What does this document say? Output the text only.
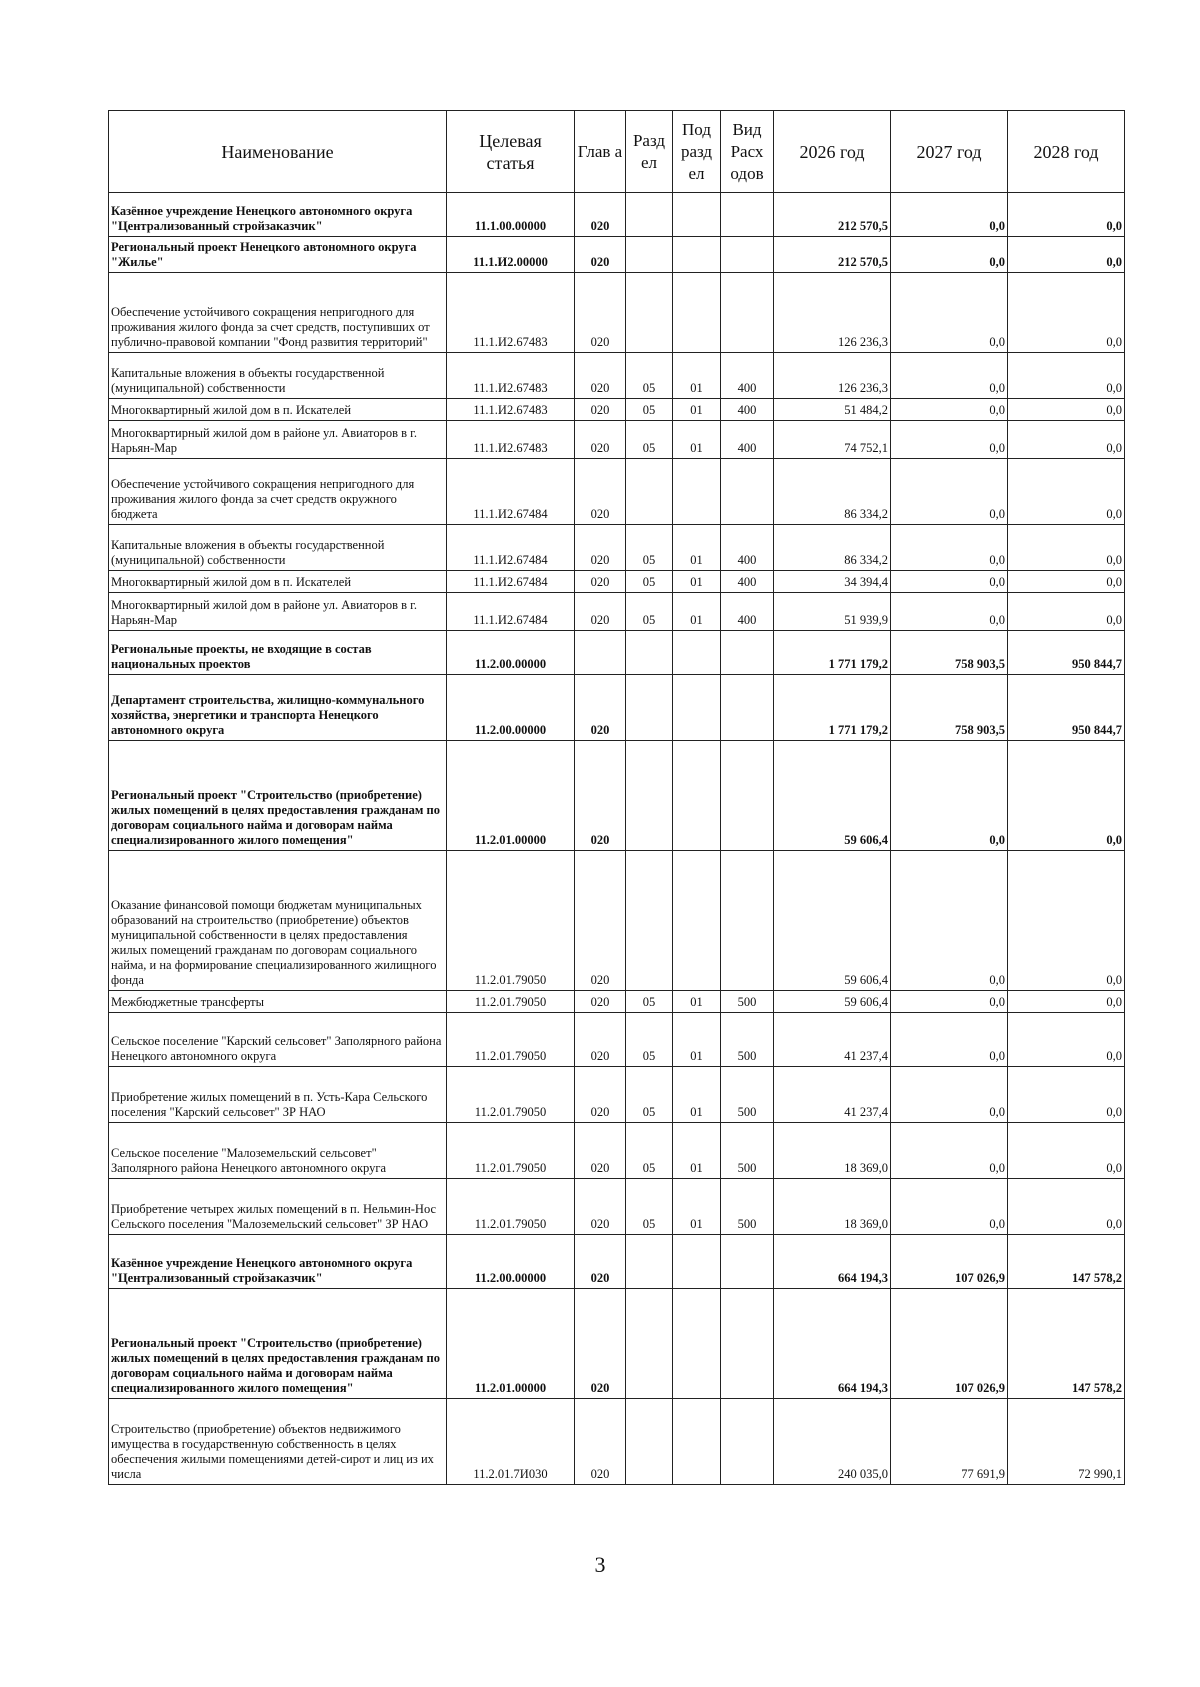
Наименование	Целевая статья	Глав а	Разд ел	Под разд ел	Вид Расх одов	2026 год	2027 год	2028 год
Казённое учреждение Ненецкого автономного округа "Централизованный стройзаказчик"	11.1.00.00000	020				212 570,5	0,0	0,0
Региональный проект Ненецкого автономного округа "Жилье"	11.1.И2.00000	020				212 570,5	0,0	0,0
Обеспечение устойчивого сокращения непригодного для проживания жилого фонда за счет средств, поступивших от публично-правовой компании "Фонд развития территорий"	11.1.И2.67483	020				126 236,3	0,0	0,0
Капитальные вложения в объекты государственной (муниципальной) собственности	11.1.И2.67483	020	05	01	400	126 236,3	0,0	0,0
Многоквартирный жилой дом в п. Искателей	11.1.И2.67483	020	05	01	400	51 484,2	0,0	0,0
Многоквартирный жилой дом в районе ул. Авиаторов в г. Нарьян-Мар	11.1.И2.67483	020	05	01	400	74 752,1	0,0	0,0
Обеспечение устойчивого сокращения непригодного для проживания жилого фонда за счет средств окружного бюджета	11.1.И2.67484	020				86 334,2	0,0	0,0
Капитальные вложения в объекты государственной (муниципальной) собственности	11.1.И2.67484	020	05	01	400	86 334,2	0,0	0,0
Многоквартирный жилой дом в п. Искателей	11.1.И2.67484	020	05	01	400	34 394,4	0,0	0,0
Многоквартирный жилой дом в районе ул. Авиаторов в г. Нарьян-Мар	11.1.И2.67484	020	05	01	400	51 939,9	0,0	0,0
Региональные проекты, не входящие в состав национальных проектов	11.2.00.00000					1 771 179,2	758 903,5	950 844,7
Департамент строительства, жилищно-коммунального хозяйства, энергетики и транспорта Ненецкого автономного округа	11.2.00.00000	020				1 771 179,2	758 903,5	950 844,7
Региональный проект "Строительство (приобретение) жилых помещений в целях предоставления гражданам по договорам социального найма и договорам найма специализированного жилого помещения"	11.2.01.00000	020				59 606,4	0,0	0,0
Оказание финансовой помощи бюджетам муниципальных образований на строительство (приобретение) объектов муниципальной собственности в целях предоставления жилых помещений гражданам по договорам социального найма, и на формирование специализированного жилищного фонда	11.2.01.79050	020				59 606,4	0,0	0,0
Межбюджетные трансферты	11.2.01.79050	020	05	01	500	59 606,4	0,0	0,0
Сельское поселение "Карский сельсовет" Заполярного района Ненецкого автономного округа	11.2.01.79050	020	05	01	500	41 237,4	0,0	0,0
Приобретение жилых помещений в п. Усть-Кара Сельского поселения "Карский сельсовет" ЗР НАО	11.2.01.79050	020	05	01	500	41 237,4	0,0	0,0
Сельское поселение "Малоземельский сельсовет" Заполярного района Ненецкого автономного округа	11.2.01.79050	020	05	01	500	18 369,0	0,0	0,0
Приобретение четырех жилых помещений в п. Нельмин-Нос Сельского поселения "Малоземельский сельсовет" ЗР НАО	11.2.01.79050	020	05	01	500	18 369,0	0,0	0,0
Казённое учреждение Ненецкого автономного округа "Централизованный стройзаказчик"	11.2.00.00000	020				664 194,3	107 026,9	147 578,2
Региональный проект "Строительство (приобретение) жилых помещений в целях предоставления гражданам по договорам социального найма и договорам найма специализированного жилого помещения"	11.2.01.00000	020				664 194,3	107 026,9	147 578,2
Строительство (приобретение) объектов недвижимого имущества в государственную собственность в целях обеспечения жилыми помещениями детей-сирот и лиц из их числа	11.2.01.7И030	020				240 035,0	77 691,9	72 990,1
3
